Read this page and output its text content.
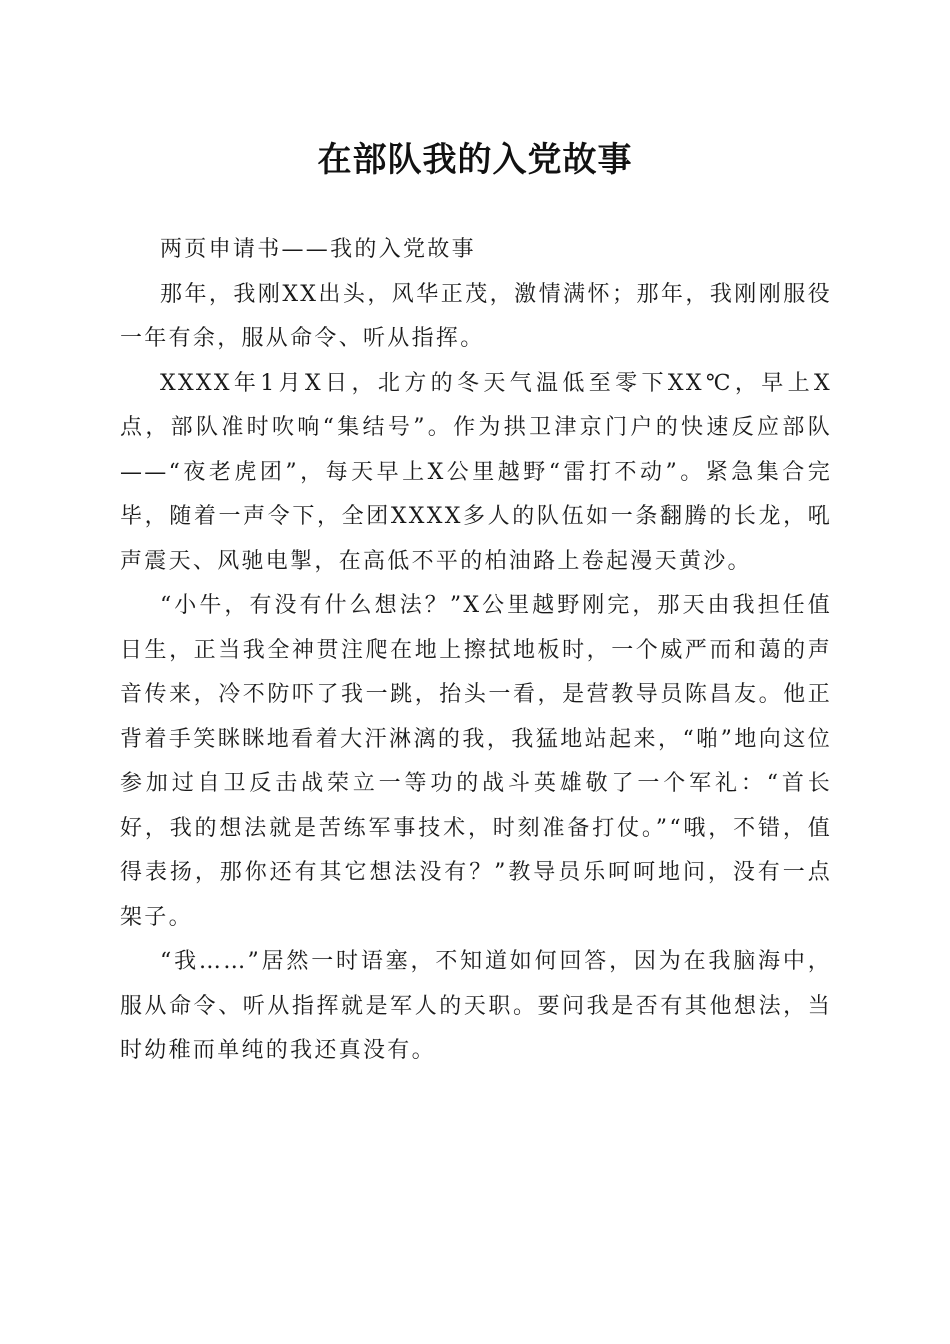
在部队我的入党故事

两页申请书——我的入党故事

那年，我刚XX出头，风华正茂，激情满怀；那年，我刚刚服役一年有余，服从命令、听从指挥。

XXXX年1月X日，北方的冬天气温低至零下XX℃，早上X点，部队准时吹响“集结号”。作为拱卫津京门户的快速反应部队——“夜老虎团”，每天早上X公里越野“雷打不动”。紧急集合完毕，随着一声令下，全团XXXX多人的队伍如一条翻腾的长龙，吼声震天、风驰电掣，在高低不平的柏油路上卷起漫天黄沙。

“小牛，有没有什么想法？”X公里越野刚完，那天由我担任值日生，正当我全神贯注爬在地上擦拭地板时，一个威严而和蔼的声音传来，冷不防吓了我一跳，抬头一看，是营教导员陈昌友。他正背着手笑眯眯地看着大汗淋漓的我，我猛地站起来，“啪”地向这位参加过自卫反击战荣立一等功的战斗英雄敬了一个军礼：“首长好，我的想法就是苦练军事技术，时刻准备打仗。”“哦，不错，值得表扬，那你还有其它想法没有？”教导员乐呵呵地问，没有一点架子。

“我……”居然一时语塞，不知道如何回答，因为在我脑海中，服从命令、听从指挥就是军人的天职。要问我是否有其他想法，当时幼稚而单纯的我还真没有。
